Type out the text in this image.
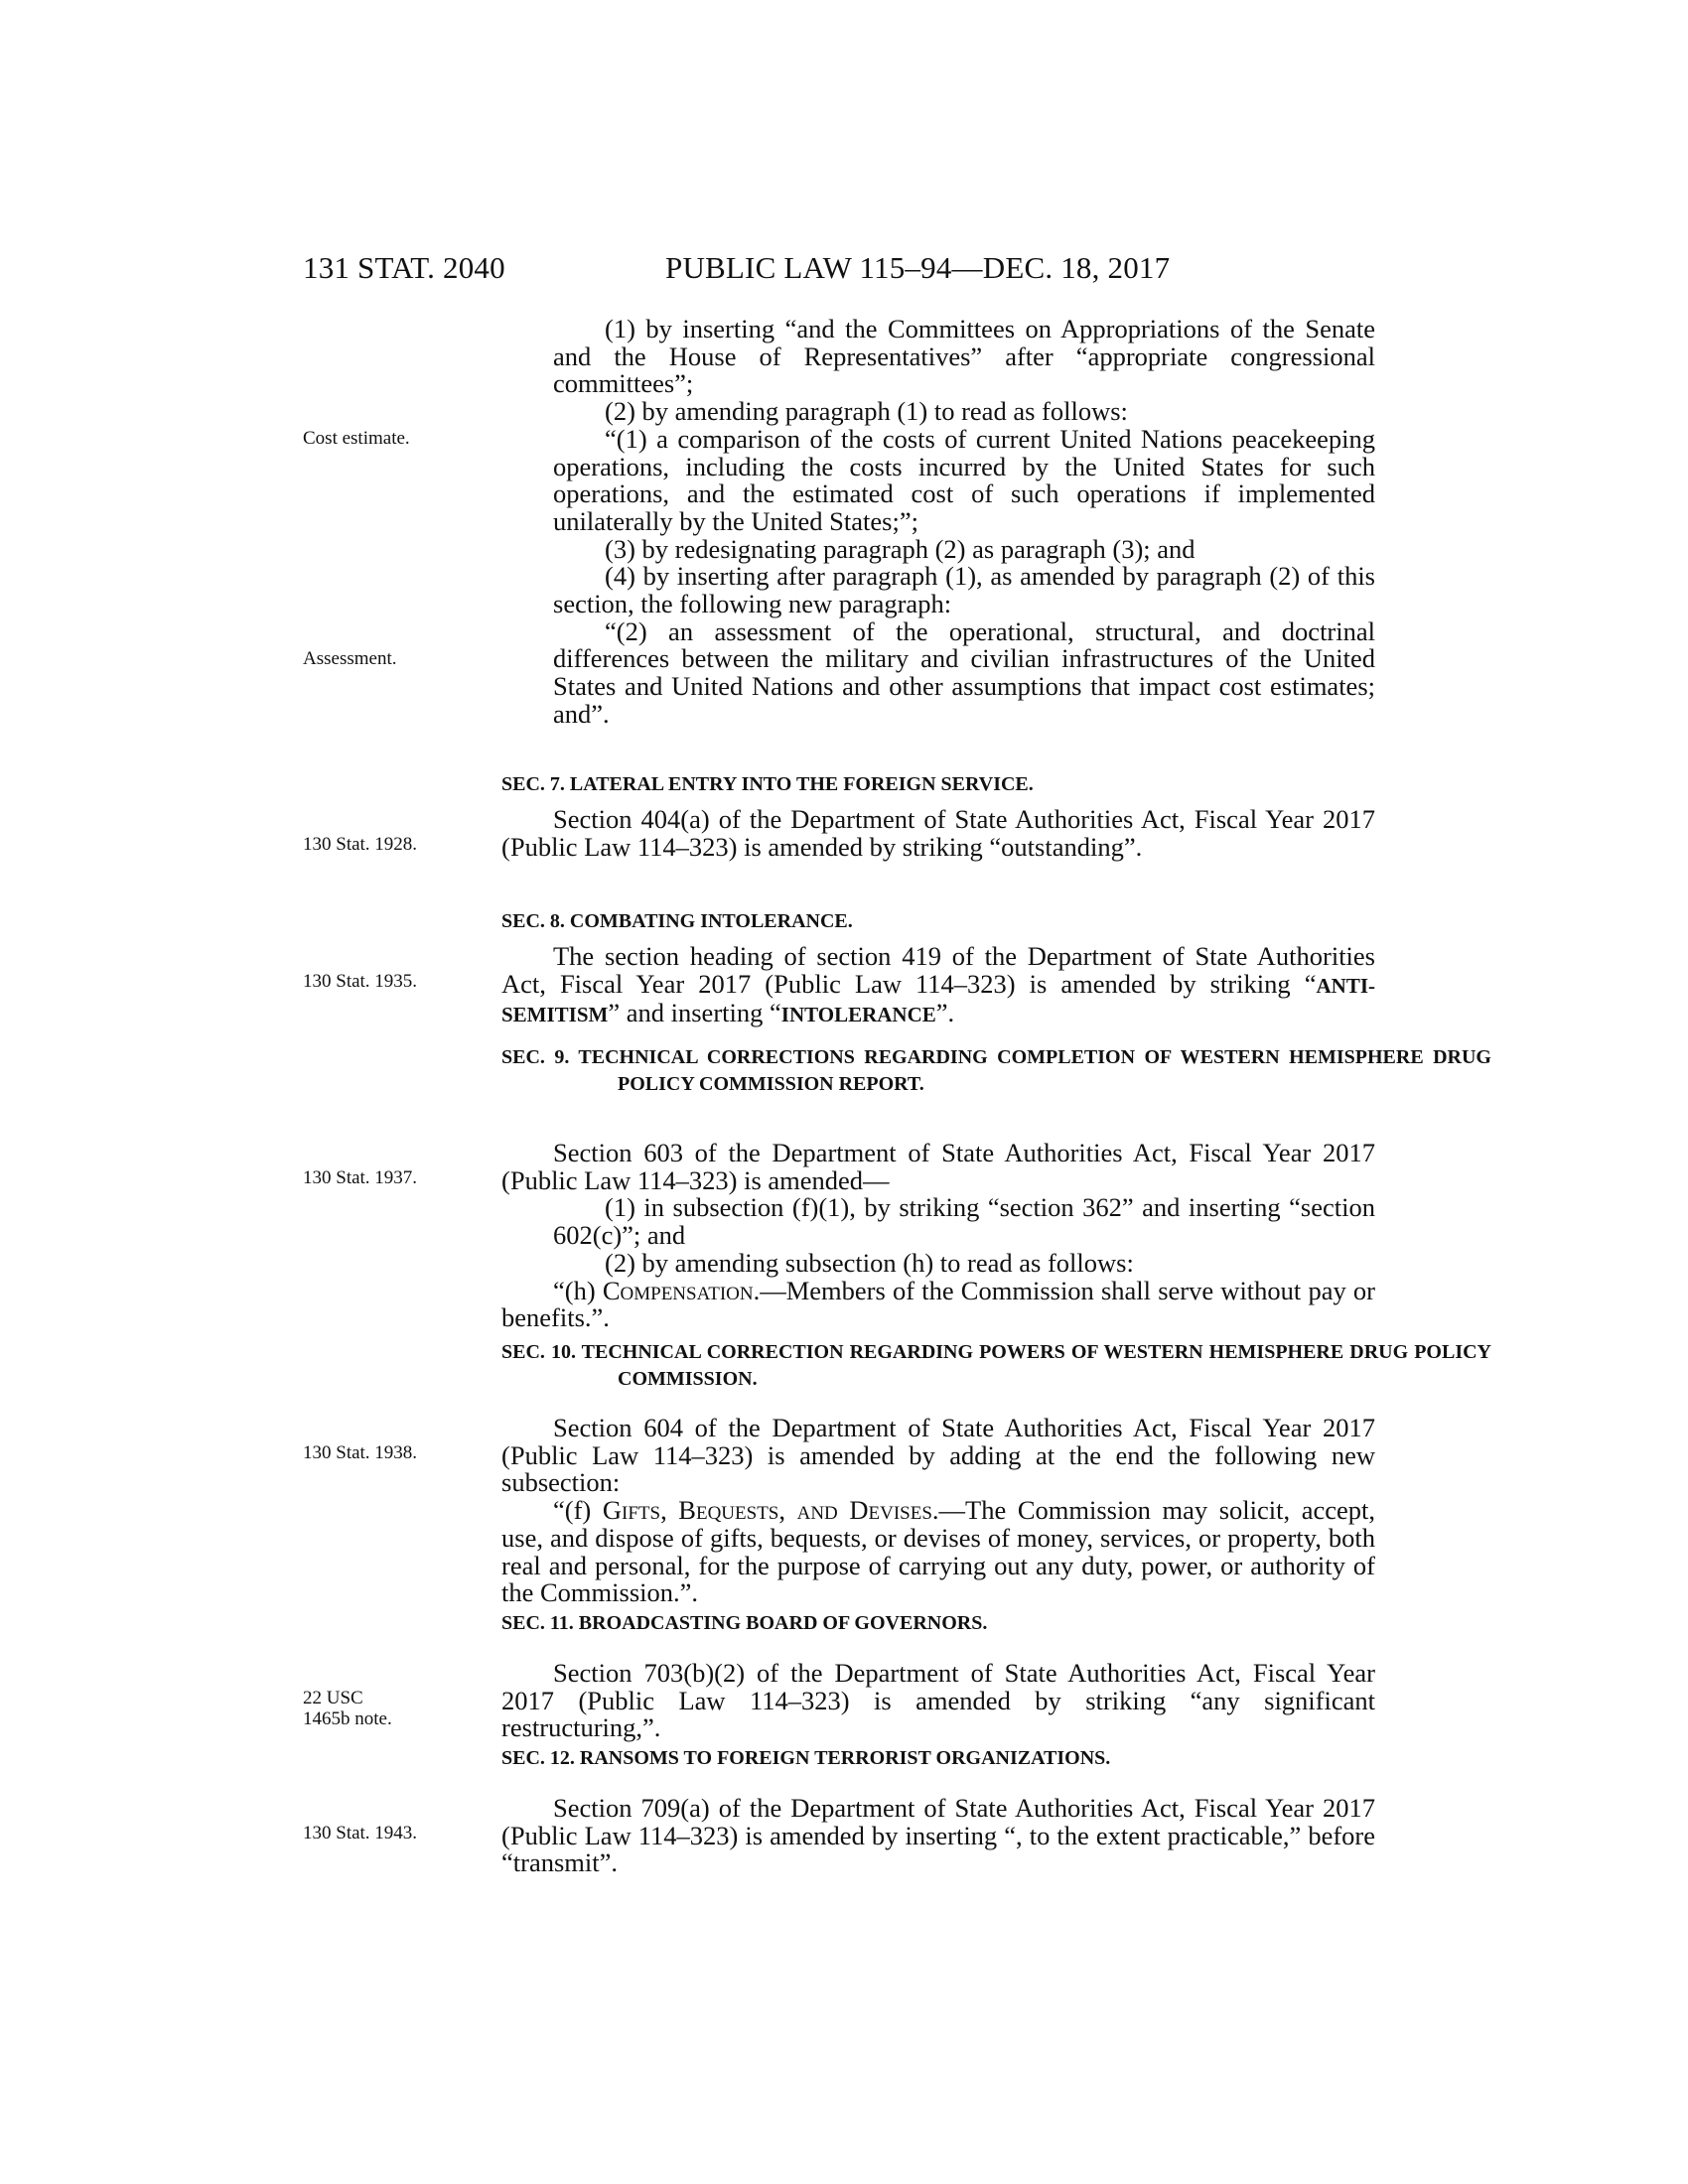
131 STAT. 2040	PUBLIC LAW 115–94—DEC. 18, 2017
Cost estimate.
Assessment.
130 Stat. 1928.
130 Stat. 1935.
130 Stat. 1937.
130 Stat. 1938.
22 USC 1465b note.
130 Stat. 1943.

(1) by inserting “and the Committees on Appropriations of the Senate and the House of Representatives” after “appropriate congressional committees”;

(2) by amending paragraph (1) to read as follows:

“(1) a comparison of the costs of current United Nations peacekeeping operations, including the costs incurred by the United States for such operations, and the estimated cost of such operations if implemented unilaterally by the United States;”;

(3) by redesignating paragraph (2) as paragraph (3); and

(4) by inserting after paragraph (1), as amended by paragraph (2) of this section, the following new paragraph:

“(2) an assessment of the operational, structural, and doctrinal differences between the military and civilian infrastructures of the United States and United Nations and other assumptions that impact cost estimates; and”.

SEC. 7. LATERAL ENTRY INTO THE FOREIGN SERVICE.

Section 404(a) of the Department of State Authorities Act, Fiscal Year 2017 (Public Law 114–323) is amended by striking “outstanding”.

SEC. 8. COMBATING INTOLERANCE.

The section heading of section 419 of the Department of State Authorities Act, Fiscal Year 2017 (Public Law 114–323) is amended by striking “ANTI-SEMITISM” and inserting “INTOLERANCE”.

SEC. 9. TECHNICAL CORRECTIONS REGARDING COMPLETION OF WESTERN HEMISPHERE DRUG POLICY COMMISSION REPORT.

Section 603 of the Department of State Authorities Act, Fiscal Year 2017 (Public Law 114–323) is amended—

(1) in subsection (f)(1), by striking “section 362” and inserting “section 602(c)”; and

(2) by amending subsection (h) to read as follows:

“(h) Compensation.—Members of the Commission shall serve without pay or benefits.”.

SEC. 10. TECHNICAL CORRECTION REGARDING POWERS OF WESTERN HEMISPHERE DRUG POLICY COMMISSION.

Section 604 of the Department of State Authorities Act, Fiscal Year 2017 (Public Law 114–323) is amended by adding at the end the following new subsection:

“(f) Gifts, Bequests, and Devises.—The Commission may solicit, accept, use, and dispose of gifts, bequests, or devises of money, services, or property, both real and personal, for the purpose of carrying out any duty, power, or authority of the Commission.”.

SEC. 11. BROADCASTING BOARD OF GOVERNORS.

Section 703(b)(2) of the Department of State Authorities Act, Fiscal Year 2017 (Public Law 114–323) is amended by striking “any significant restructuring,”.

SEC. 12. RANSOMS TO FOREIGN TERRORIST ORGANIZATIONS.

Section 709(a) of the Department of State Authorities Act, Fiscal Year 2017 (Public Law 114–323) is amended by inserting “, to the extent practicable,” before “transmit”.
